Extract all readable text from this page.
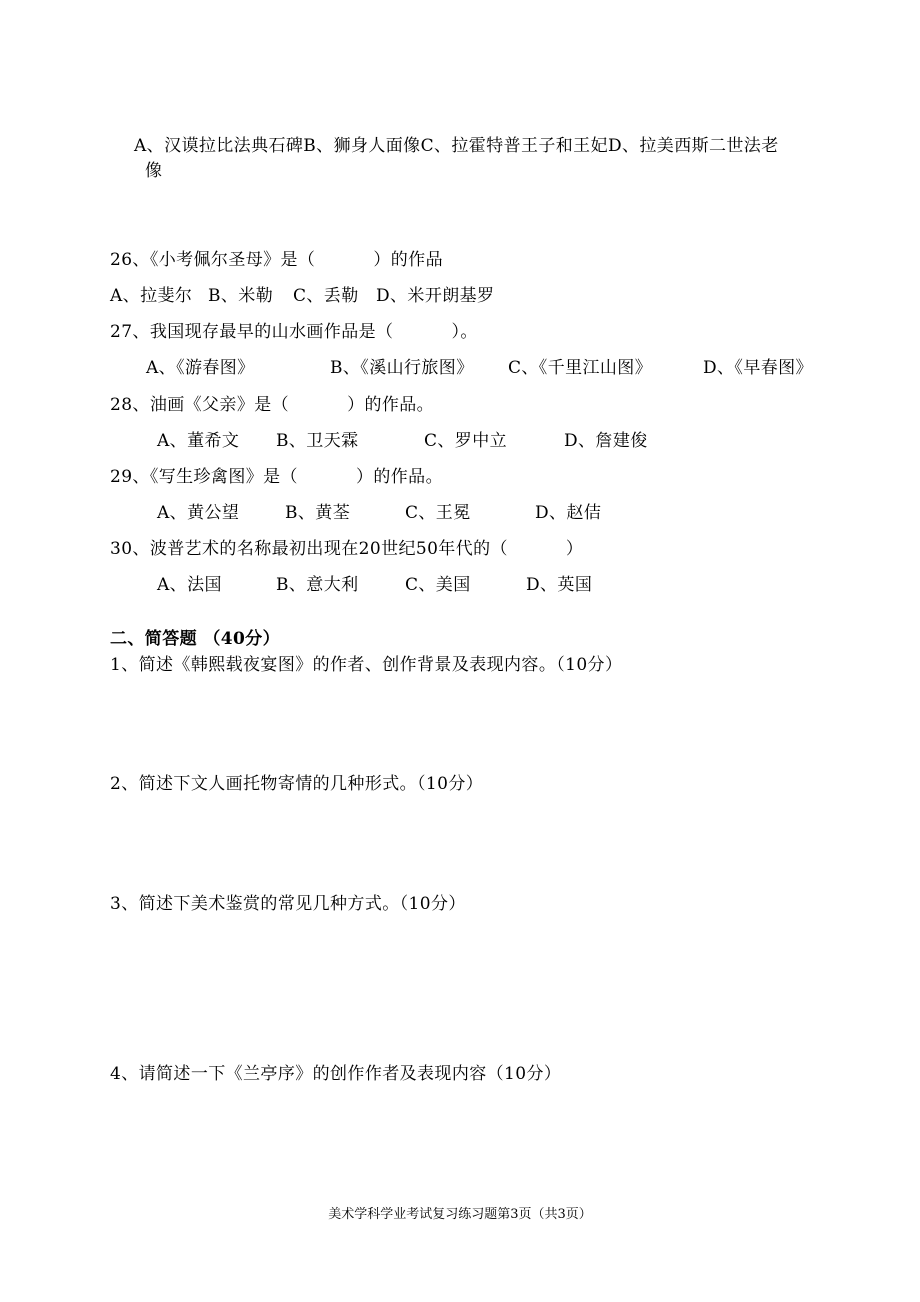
A、汉谟拉比法典石碑B、狮身人面像C、拉霍特普王子和王妃D、拉美西斯二世法老
像
26、《小考佩尔圣母》是（          ）的作品
A、拉斐尔 B、米勒 C、丢勒 D、米开朗基罗
27、我国现存最早的山水画作品是（          ）。
A、《游春图》	B、《溪山行旅图》 C、《千里江山图》	D、《早春图》
28、油画《父亲》是（          ）的作品。
A、董希文 B、卫天霖	C、罗中立	D、詹建俊
29、《写生珍禽图》是（          ）的作品。
A、黄公望	B、黄荃	C、王冕	D、赵佶
30、波普艺术的名称最初出现在20世纪50年代的（          ）
A、法国	B、意大利	C、美国	D、英国
二、简答题 （40分）
1、简述《韩熙载夜宴图》的作者、创作背景及表现内容。（10分）
2、简述下文人画托物寄情的几种形式。（10分）
3、简述下美术鉴赏的常见几种方式。（10分）
4、请简述一下《兰亭序》的创作作者及表现内容（10分）
美术学科学业考试复习练习题第3页（共3页）
